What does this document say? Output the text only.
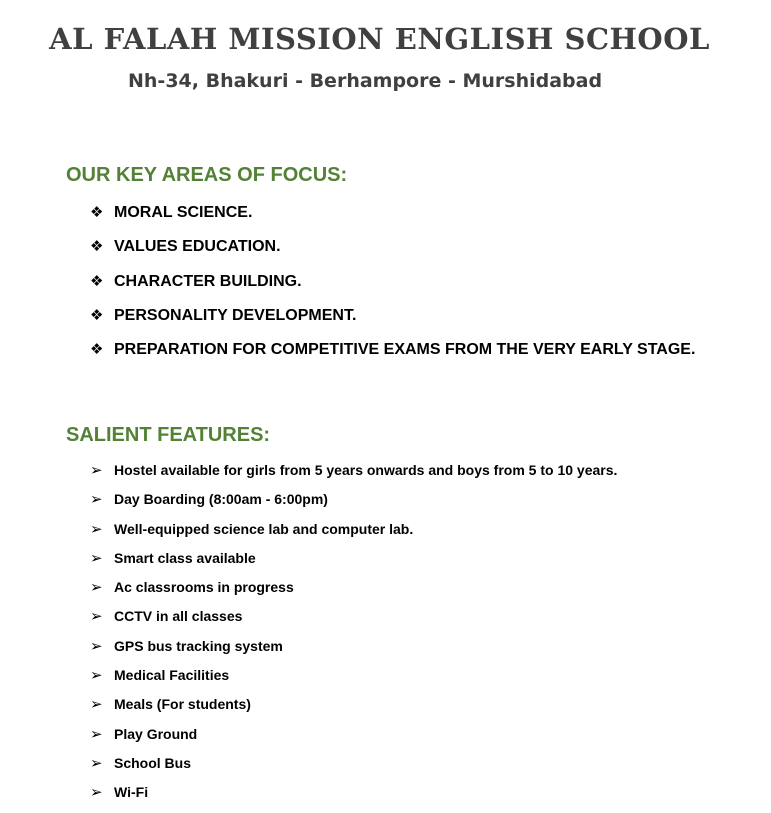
AL FALAH MISSION ENGLISH SCHOOL
Nh-34, Bhakuri - Berhampore - Murshidabad
OUR KEY AREAS OF FOCUS:
❖ MORAL SCIENCE.
❖ VALUES EDUCATION.
❖ CHARACTER BUILDING.
❖ PERSONALITY DEVELOPMENT.
❖ PREPARATION FOR COMPETITIVE EXAMS FROM THE VERY EARLY STAGE.
SALIENT FEATURES:
➢ Hostel available for girls from 5 years onwards and boys from 5 to 10 years.
➢ Day Boarding (8:00am - 6:00pm)
➢ Well-equipped science lab and computer lab.
➢ Smart class available
➢ Ac classrooms in progress
➢ CCTV in all classes
➢ GPS bus tracking system
➢ Medical Facilities
➢ Meals (For students)
➢ Play Ground
➢ School Bus
➢ Wi-Fi
